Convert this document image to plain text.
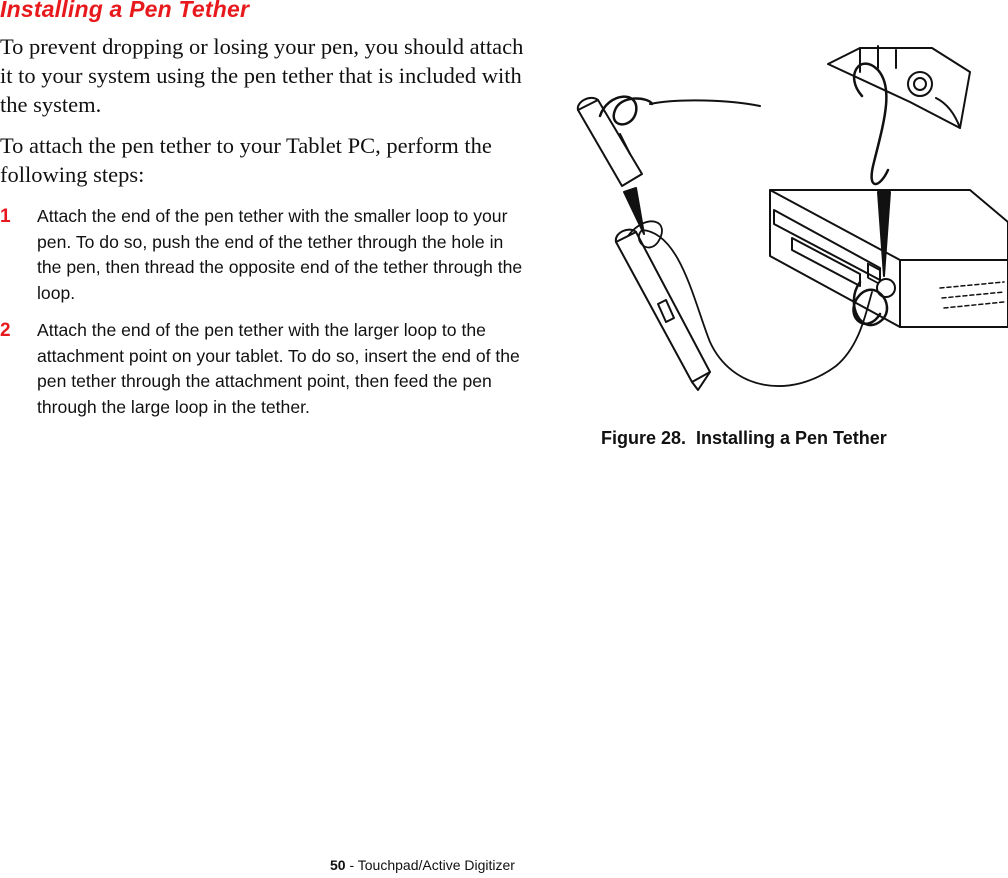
Installing a Pen Tether
To prevent dropping or losing your pen, you should attach it to your system using the pen tether that is included with the system.
To attach the pen tether to your Tablet PC, perform the following steps:
1 Attach the end of the pen tether with the smaller loop to your pen. To do so, push the end of the tether through the hole in the pen, then thread the opposite end of the tether through the loop.
2 Attach the end of the pen tether with the larger loop to the attachment point on your tablet. To do so, insert the end of the pen tether through the attachment point, then feed the pen through the large loop in the tether.
Figure 28.  Installing a Pen Tether
50 - Touchpad/Active Digitizer
